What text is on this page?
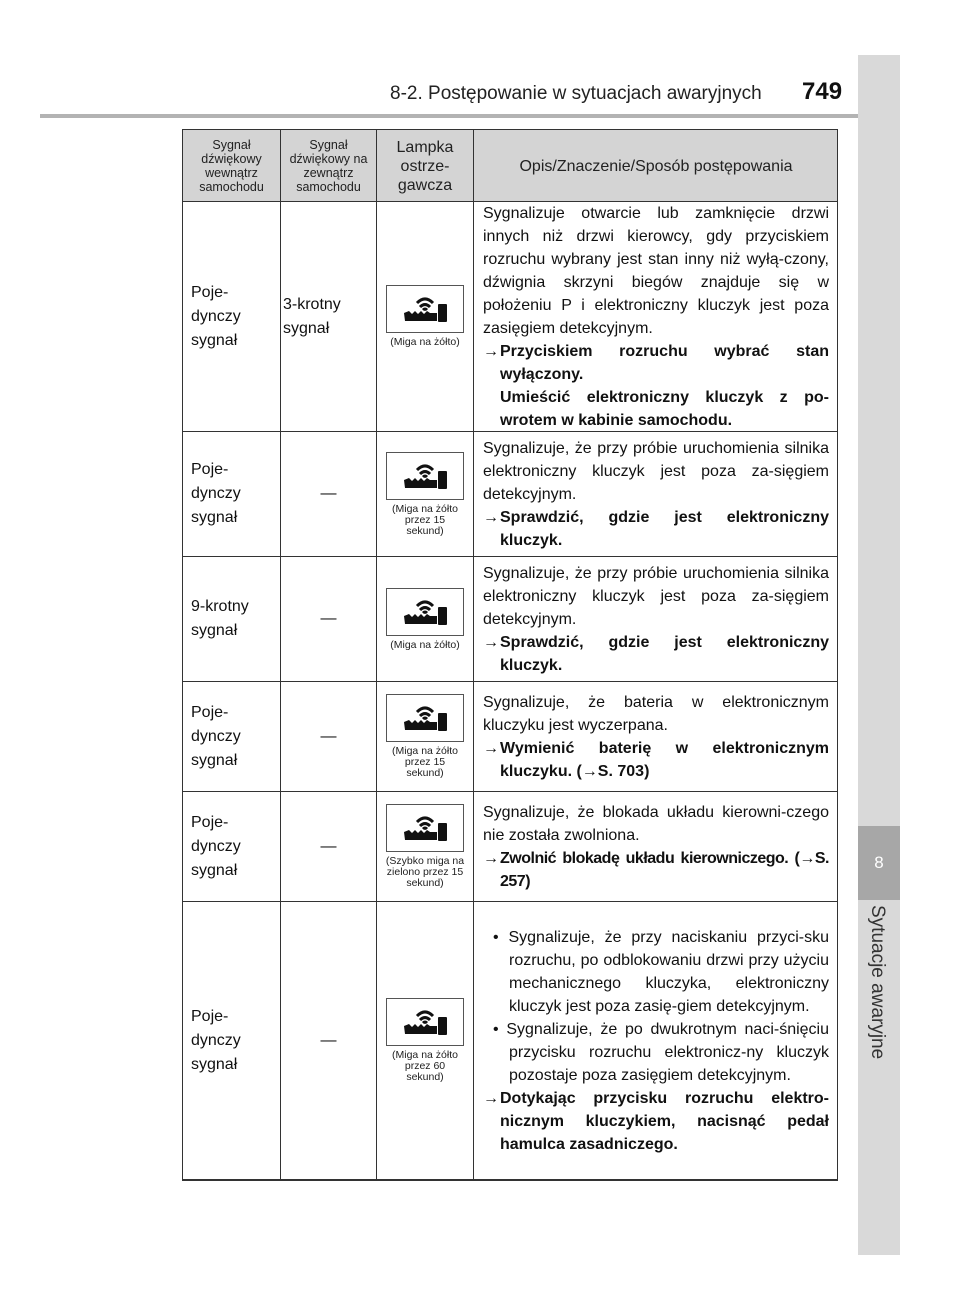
8-2. Postępowanie w sytuacjach awaryjnych 749
8
Sytuacje awaryjne
Sygnał dźwiękowy wewnątrz samochodu
Sygnał dźwiękowy na zewnątrz samochodu
Lampka ostrze-gawcza
Opis/Znaczenie/Sposób postępowania
Poje-dynczy sygnał
3-krotny sygnał
(Miga na żółto)
Sygnalizuje otwarcie lub zamknięcie drzwi innych niż drzwi kierowcy, gdy przyciskiem rozruchu wybrany jest stan inny niż wyłą-czony, dźwignia skrzyni biegów znajduje się w położeniu P i elektroniczny kluczyk jest poza zasięgiem detekcyjnym.
→Przyciskiem rozruchu wybrać stan wyłączony.
Umieścić elektroniczny kluczyk z po-wrotem w kabinie samochodu.
Poje-dynczy sygnał
—
(Miga na żółto przez 15 sekund)
Sygnalizuje, że przy próbie uruchomienia silnika elektroniczny kluczyk jest poza za-sięgiem detekcyjnym.
→Sprawdzić, gdzie jest elektroniczny kluczyk.
9-krotny sygnał
—
(Miga na żółto)
Sygnalizuje, że przy próbie uruchomienia silnika elektroniczny kluczyk jest poza za-sięgiem detekcyjnym.
→Sprawdzić, gdzie jest elektroniczny kluczyk.
Poje-dynczy sygnał
—
(Miga na żółto przez 15 sekund)
Sygnalizuje, że bateria w elektronicznym kluczyku jest wyczerpana.
→Wymienić baterię w elektronicznym kluczyku. (→S. 703)
Poje-dynczy sygnał
—
(Szybko miga na zielono przez 15 sekund)
Sygnalizuje, że blokada układu kierowni-czego nie została zwolniona.
→Zwolnić blokadę układu kierowniczego. (→S. 257)
Poje-dynczy sygnał
—
(Miga na żółto przez 60 sekund)
• Sygnalizuje, że przy naciskaniu przyci-sku rozruchu, po odblokowaniu drzwi przy użyciu mechanicznego kluczyka, elektroniczny kluczyk jest poza zasię-giem detekcyjnym.
• Sygnalizuje, że po dwukrotnym naci-śnięciu przycisku rozruchu elektronicz-ny kluczyk pozostaje poza zasięgiem detekcyjnym.
→Dotykając przycisku rozruchu elektro-nicznym kluczykiem, nacisnąć pedał hamulca zasadniczego.
